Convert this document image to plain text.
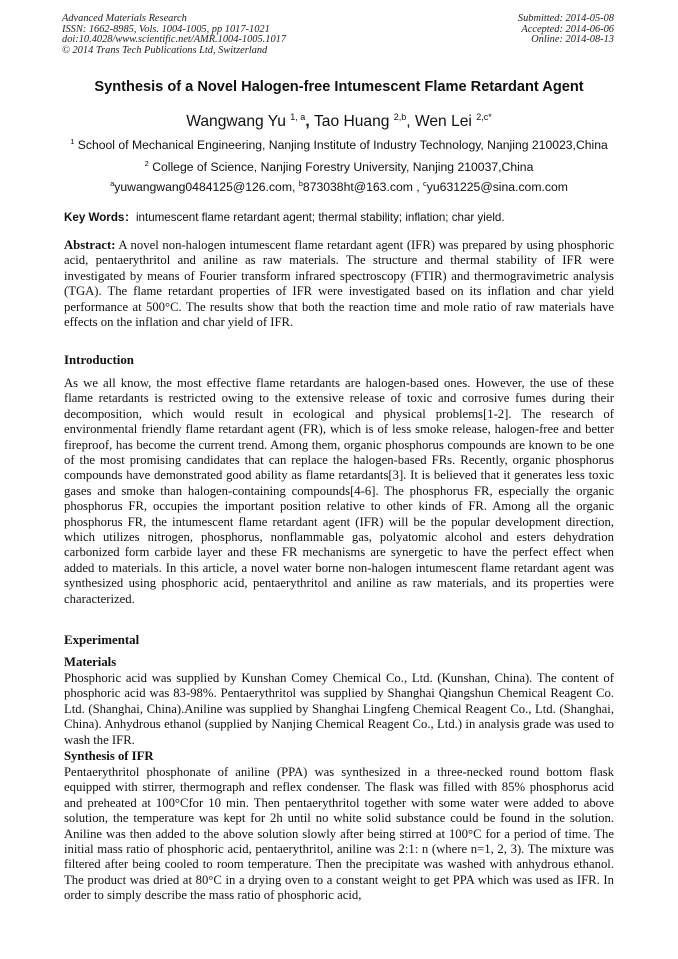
Advanced Materials Research
ISSN: 1662-8985, Vols. 1004-1005, pp 1017-1021
doi:10.4028/www.scientific.net/AMR.1004-1005.1017
© 2014 Trans Tech Publications Ltd, Switzerland
Submitted: 2014-05-08
Accepted: 2014-06-06
Online: 2014-08-13
Synthesis of a Novel Halogen-free Intumescent Flame Retardant Agent
Wangwang Yu $^{1, a}$, Tao Huang $^{2,b}$, Wen Lei $^{2,c*}$
$^1$ School of Mechanical Engineering, Nanjing Institute of Industry Technology, Nanjing 210023,China
$^2$ College of Science, Nanjing Forestry University, Nanjing 210037,China
$^a$yuwangwang0484125@126.com, $^b$873038ht@163.com , $^c$yu631225@sina.com.com
Key Words：intumescent flame retardant agent; thermal stability; inflation; char yield.

Abstract: A novel non-halogen intumescent flame retardant agent (IFR) was prepared by using phosphoric acid, pentaerythritol and aniline as raw materials. The structure and thermal stability of IFR were investigated by means of Fourier transform infrared spectroscopy (FTIR) and thermogravimetric analysis (TGA). The flame retardant properties of IFR were investigated based on its inflation and char yield performance at 500°C. The results show that both the reaction time and mole ratio of raw materials have effects on the inflation and char yield of IFR.

Introduction

As we all know, the most effective flame retardants are halogen-based ones. However, the use of these flame retardants is restricted owing to the extensive release of toxic and corrosive fumes during their decomposition, which would result in ecological and physical problems[1-2]. The research of environmental friendly flame retardant agent (FR), which is of less smoke release, halogen-free and better fireproof, has become the current trend. Among them, organic phosphorus compounds are known to be one of the most promising candidates that can replace the halogen-based FRs. Recently, organic phosphorus compounds have demonstrated good ability as flame retardants[3]. It is believed that it generates less toxic gases and smoke than halogen-containing compounds[4-6]. The phosphorus FR, especially the organic phosphorus FR, occupies the important position relative to other kinds of FR. Among all the organic phosphorus FR, the intumescent flame retardant agent (IFR) will be the popular development direction, which utilizes nitrogen, phosphorus, nonflammable gas, polyatomic alcohol and esters dehydration carbonized form carbide layer and these FR mechanisms are synergetic to have the perfect effect when added to materials. In this article, a novel water borne non-halogen intumescent flame retardant agent was synthesized using phosphoric acid, pentaerythritol and aniline as raw materials, and its properties were characterized.

Experimental
Materials

Phosphoric acid was supplied by Kunshan Comey Chemical Co., Ltd. (Kunshan, China). The content of phosphoric acid was 83-98%. Pentaerythritol was supplied by Shanghai Qiangshun Chemical Reagent Co. Ltd. (Shanghai, China).Aniline was supplied by Shanghai Lingfeng Chemical Reagent Co., Ltd. (Shanghai, China). Anhydrous ethanol (supplied by Nanjing Chemical Reagent Co., Ltd.) in analysis grade was used to wash the IFR.

Synthesis of IFR

Pentaerythritol phosphonate of aniline (PPA) was synthesized in a three-necked round bottom flask equipped with stirrer, thermograph and reflex condenser. The flask was filled with 85% phosphorus acid and preheated at 100°Cfor 10 min. Then pentaerythritol together with some water were added to above solution, the temperature was kept for 2h until no white solid substance could be found in the solution. Aniline was then added to the above solution slowly after being stirred at 100°C for a period of time. The initial mass ratio of phosphoric acid, pentaerythritol, aniline was 2:1: n (where n=1, 2, 3). The mixture was filtered after being cooled to room temperature. Then the precipitate was washed with anhydrous ethanol. The product was dried at 80°C in a drying oven to a constant weight to get PPA which was used as IFR. In order to simply describe the mass ratio of phosphoric acid,
